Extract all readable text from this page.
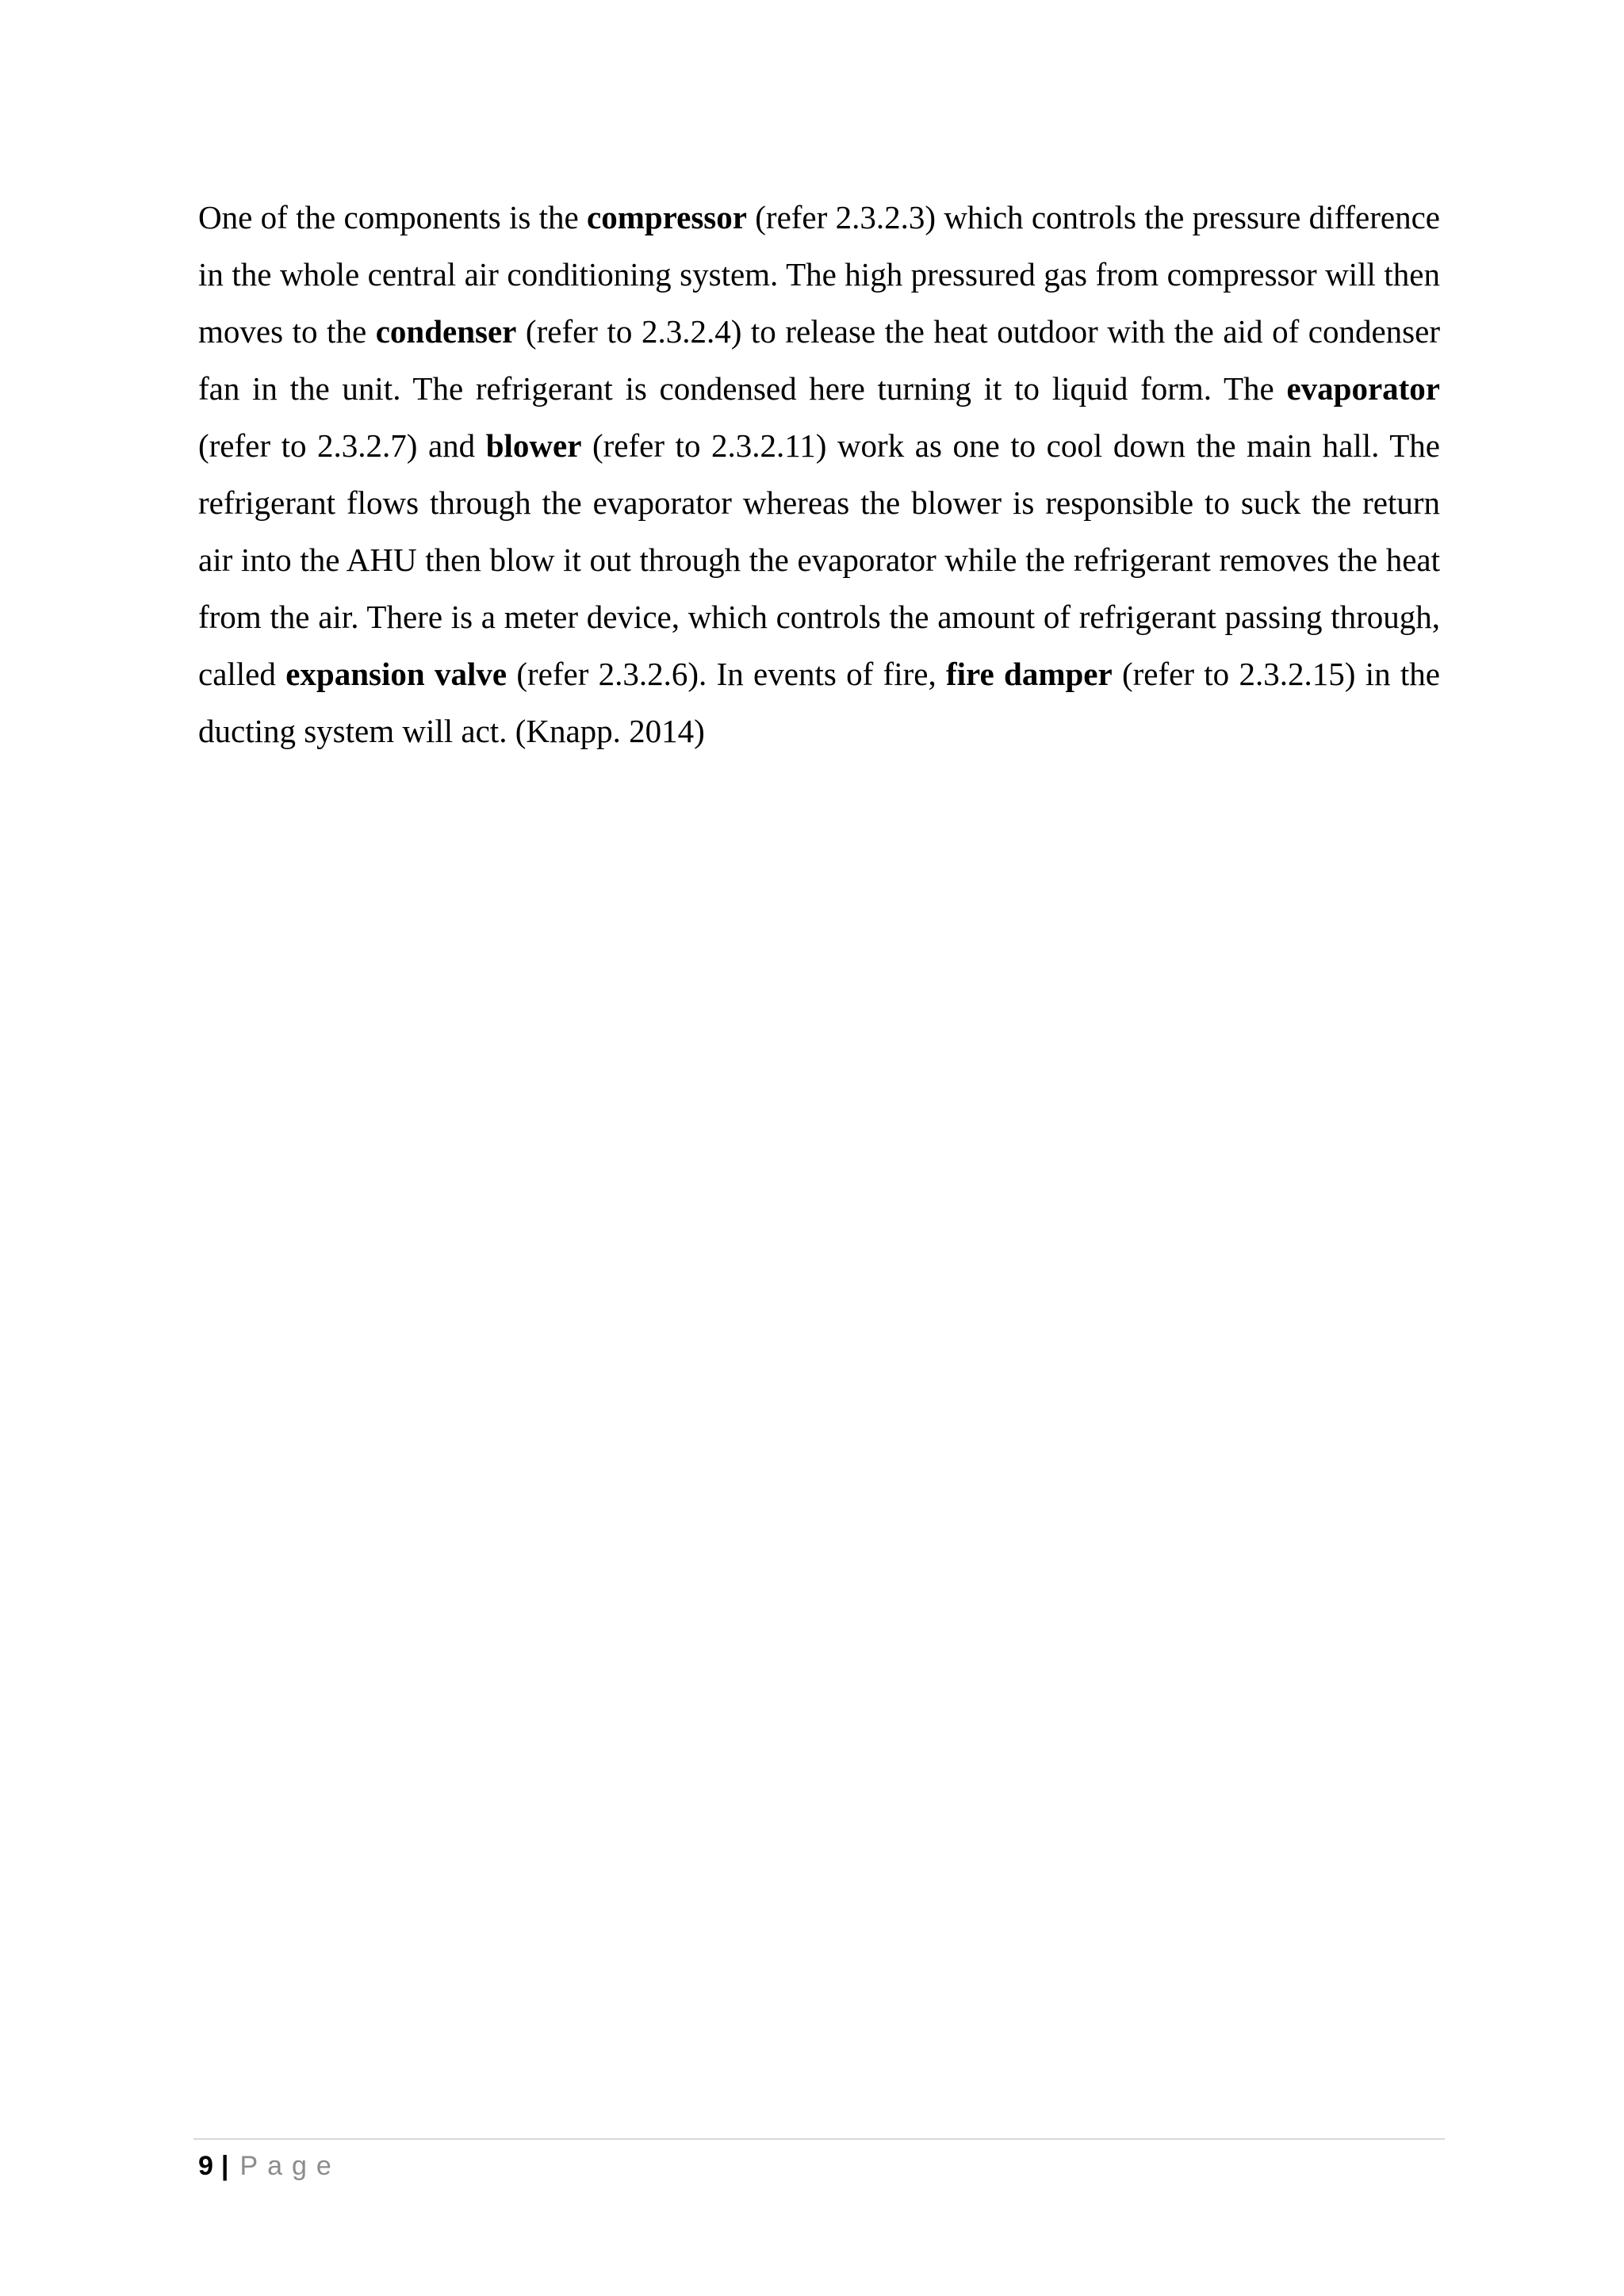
One of the components is the compressor (refer 2.3.2.3) which controls the pressure difference in the whole central air conditioning system. The high pressured gas from compressor will then moves to the condenser (refer to 2.3.2.4) to release the heat outdoor with the aid of condenser fan in the unit. The refrigerant is condensed here turning it to liquid form. The evaporator (refer to 2.3.2.7) and blower (refer to 2.3.2.11) work as one to cool down the main hall. The refrigerant flows through the evaporator whereas the blower is responsible to suck the return air into the AHU then blow it out through the evaporator while the refrigerant removes the heat from the air. There is a meter device, which controls the amount of refrigerant passing through, called expansion valve (refer 2.3.2.6). In events of fire, fire damper (refer to 2.3.2.15) in the ducting system will act. (Knapp. 2014)

9 | Page
